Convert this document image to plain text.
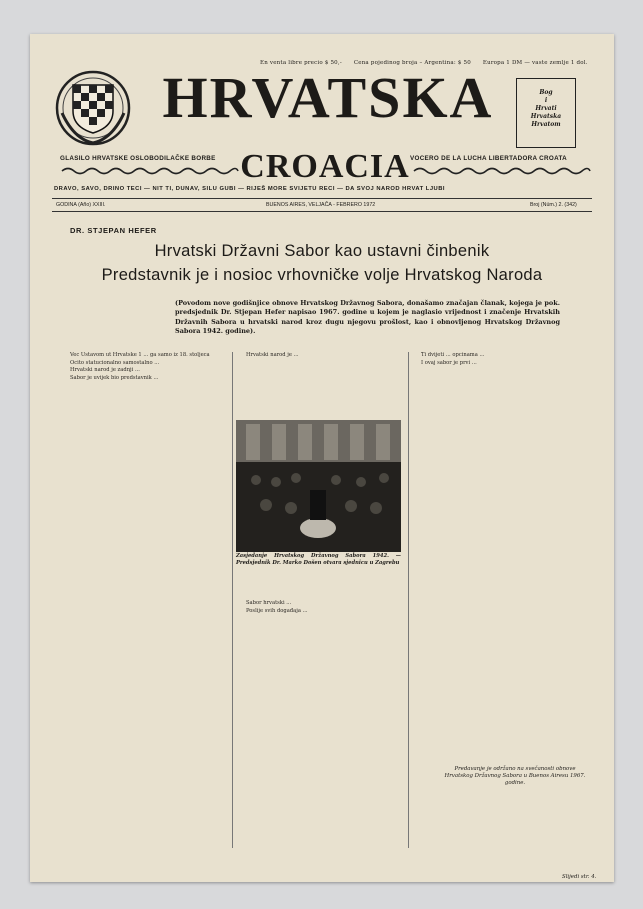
En venta libre precio $ 50,- Cena pojedinog broja – Argentina: $ 50 Europa 1 DM — vaste zemlje 1 dol.
HRVATSKA	Bog
i
Hrvati
Hrvatska
Hrvatom
GLASILO HRVATSKE OSLOBODILAČKE BORBE CROACIA VOCERO DE LA LUCHA LIBERTADORA CROATA
DRAVO, SAVO, DRINO TECI — NIT TI, DUNAV, SILU GUBI — RIJEŠ MORE SVIJETU RECI — DA SVOJ NAROD HRVAT LJUBI
GODINA (Año) XXIII.	BUENOS AIRES, VELJAČA - FEBRERO 1972	Broj (Núm.) 2. (342)
DR. STJEPAN HEFER
Hrvatski Državni Sabor kao ustavni činbenik
Predstavnik je i nosioc vrhovničke volje Hrvatskog Naroda
(Povodom nove godišnjice obnove Hrvatskog Državnog Sabora, donašamo značajan članak, kojega je pok. predsjednik Dr. Stjepan Hefer napisao 1967. godine u kojem je naglasio vrijednost i značenje Hrvatskih Državnih Sabora u hrvatski narod kroz dugu njegovu prošlost, kao i obnovljenog Hrvatskog Državnog Sabora 1942. godine).

Vec Ustavom ut Hrvatske 1 ... ga samo iz 18. stoljeca

Ocito statucionalno samostalno ...

Hrvatski narod je zadnji ...

Sabor je uvijek bio predstavnik ...

Hrvatski narod je ...

Zasjedanje Hrvatskog Državnog Sabora 1942. — Predsjednik Dr. Marko Došen otvara sjednicu u Zagrebu

Sabor hrvatski ...

Poslije svih događaja ...

Ti dvijeti ... opcinama ...

I ovaj sabor je prvi ...

Predavanje je održano na svečanosti obnove Hrvatskog Državnog Sabora u Buenos Airesu 1967. godine.
Slijedi str. 4.
